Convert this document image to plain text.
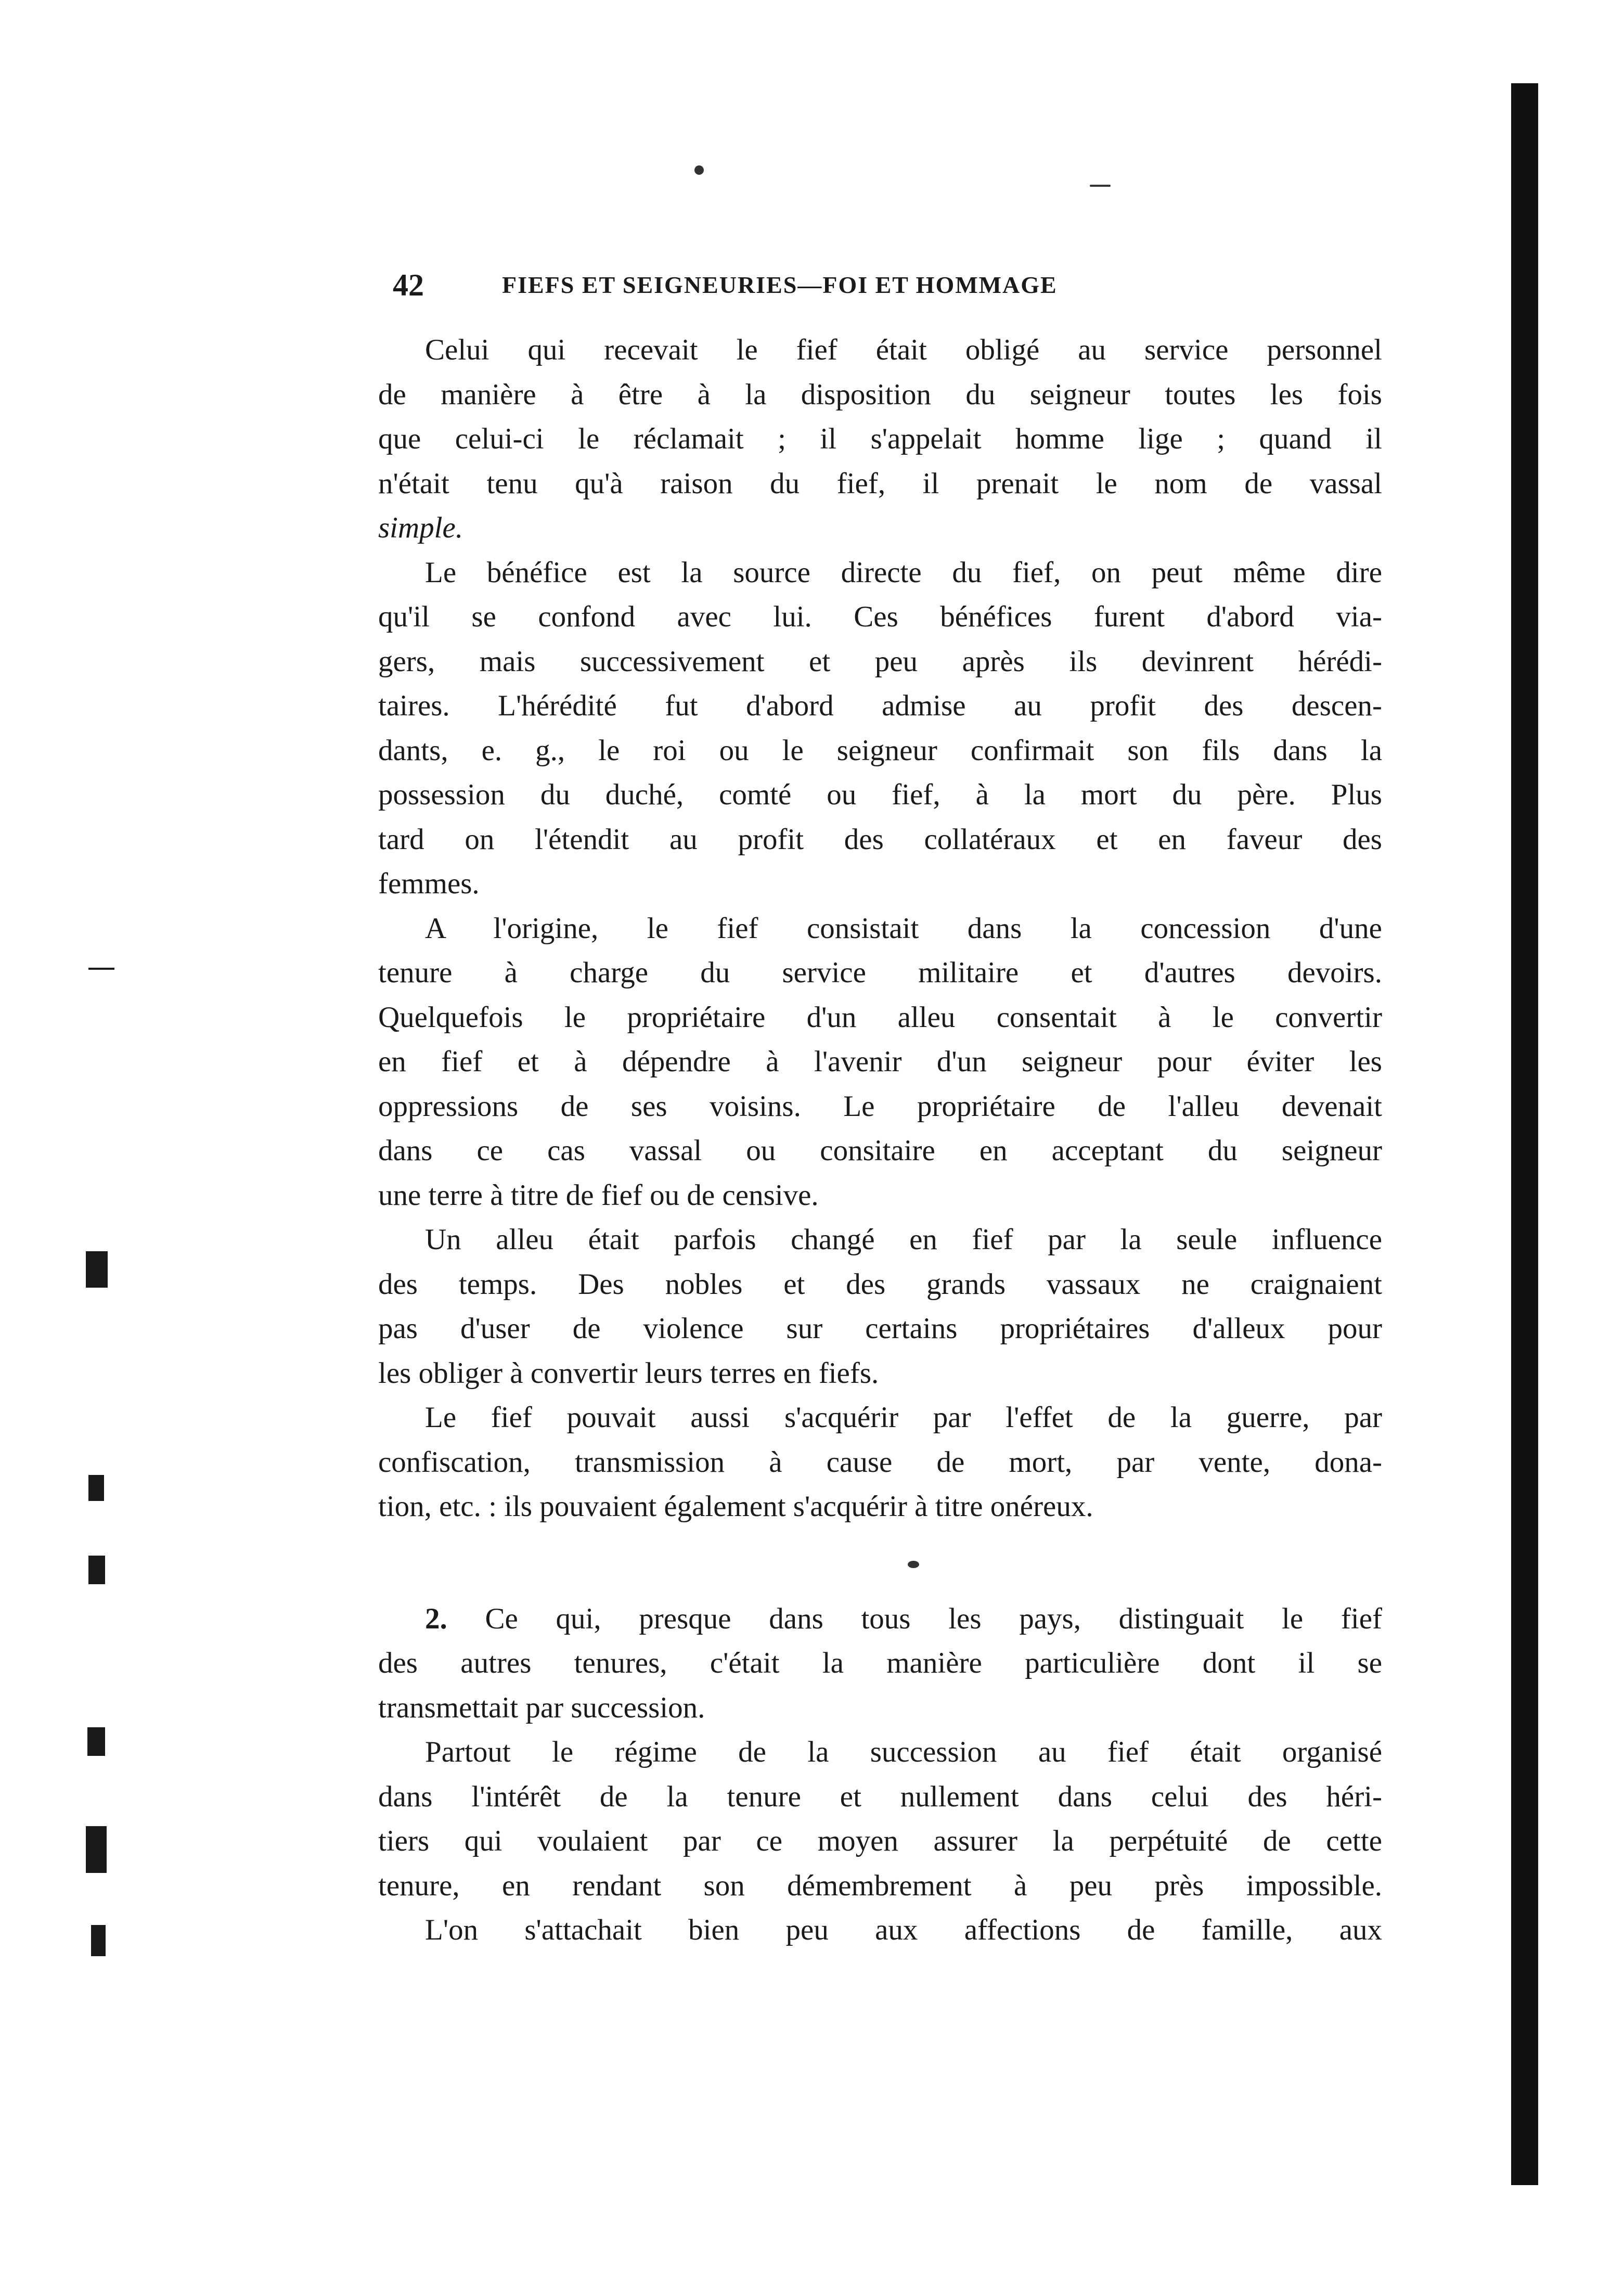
42	FIEFS ET SEIGNEURIES—FOI ET HOMMAGE
Celui qui recevait le fief était obligé au service personnel
de manière à être à la disposition du seigneur toutes les fois
que celui-ci le réclamait ; il s'appelait homme lige ; quand il
n'était tenu qu'à raison du fief, il prenait le nom de vassal
simple.
Le bénéfice est la source directe du fief, on peut même dire
qu'il se confond avec lui. Ces bénéfices furent d'abord via-
gers, mais successivement et peu après ils devinrent hérédi-
taires. L'hérédité fut d'abord admise au profit des descen-
dants, e. g., le roi ou le seigneur confirmait son fils dans la
possession du duché, comté ou fief, à la mort du père. Plus
tard on l'étendit au profit des collatéraux et en faveur des
femmes.
A l'origine, le fief consistait dans la concession d'une
tenure à charge du service militaire et d'autres devoirs.
Quelquefois le propriétaire d'un alleu consentait à le convertir
en fief et à dépendre à l'avenir d'un seigneur pour éviter les
oppressions de ses voisins. Le propriétaire de l'alleu devenait
dans ce cas vassal ou consitaire en acceptant du seigneur
une terre à titre de fief ou de censive.
Un alleu était parfois changé en fief par la seule influence
des temps. Des nobles et des grands vassaux ne craignaient
pas d'user de violence sur certains propriétaires d'alleux pour
les obliger à convertir leurs terres en fiefs.
Le fief pouvait aussi s'acquérir par l'effet de la guerre, par
confiscation, transmission à cause de mort, par vente, dona-
tion, etc. : ils pouvaient également s'acquérir à titre onéreux.
2. Ce qui, presque dans tous les pays, distinguait le fief
des autres tenures, c'était la manière particulière dont il se
transmettait par succession.
Partout le régime de la succession au fief était organisé
dans l'intérêt de la tenure et nullement dans celui des héri-
tiers qui voulaient par ce moyen assurer la perpétuité de cette
tenure, en rendant son démembrement à peu près impossible.
L'on s'attachait bien peu aux affections de famille, aux
